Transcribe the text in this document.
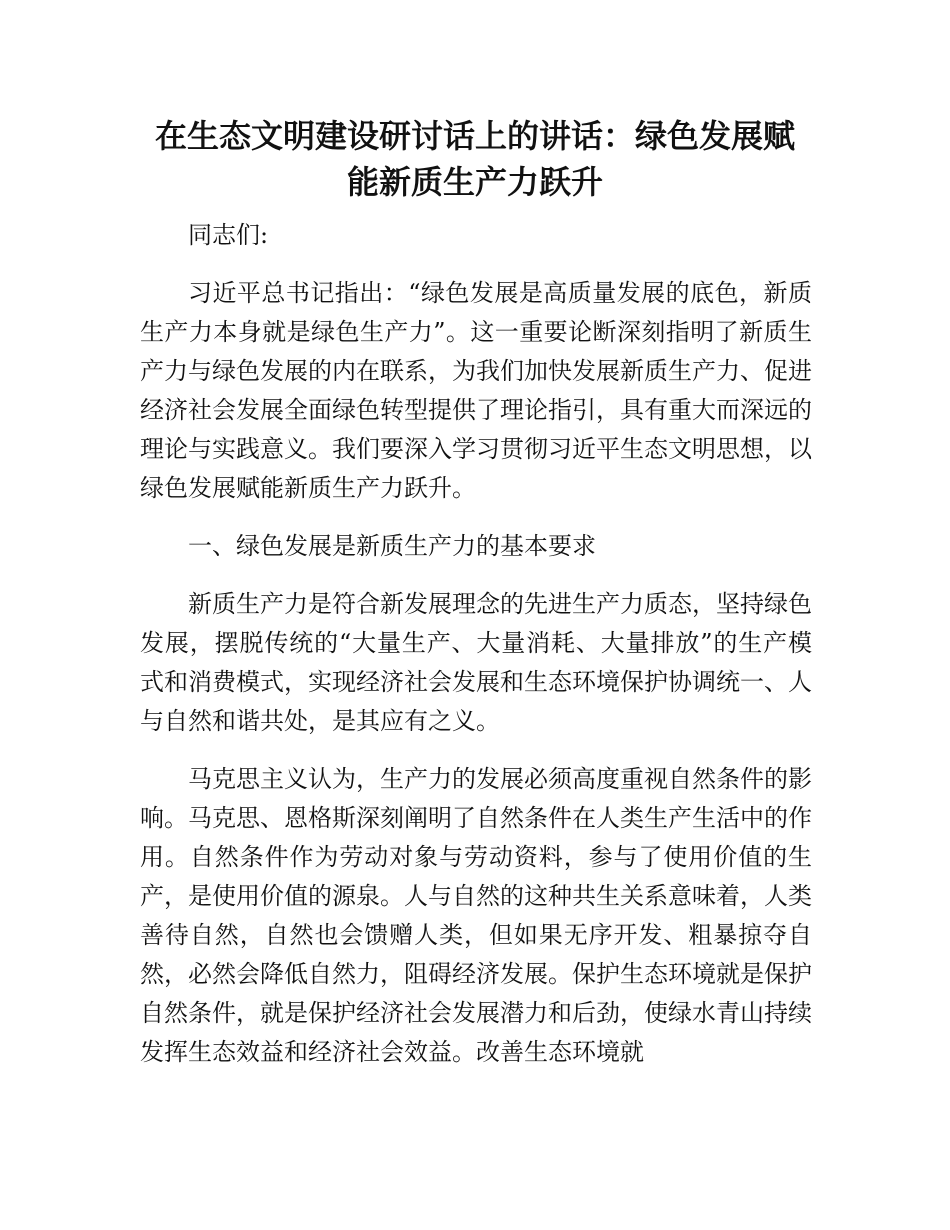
在生态文明建设研讨话上的讲话：绿色发展赋能新质生产力跃升

同志们:

习近平总书记指出：“绿色发展是高质量发展的底色，新质生产力本身就是绿色生产力”。这一重要论断深刻指明了新质生产力与绿色发展的内在联系，为我们加快发展新质生产力、促进经济社会发展全面绿色转型提供了理论指引，具有重大而深远的理论与实践意义。我们要深入学习贯彻习近平生态文明思想，以绿色发展赋能新质生产力跃升。

一、绿色发展是新质生产力的基本要求

新质生产力是符合新发展理念的先进生产力质态，坚持绿色发展，摆脱传统的“大量生产、大量消耗、大量排放”的生产模式和消费模式，实现经济社会发展和生态环境保护协调统一、人与自然和谐共处，是其应有之义。

马克思主义认为，生产力的发展必须高度重视自然条件的影响。马克思、恩格斯深刻阐明了自然条件在人类生产生活中的作用。自然条件作为劳动对象与劳动资料，参与了使用价值的生产，是使用价值的源泉。人与自然的这种共生关系意味着，人类善待自然，自然也会馈赠人类，但如果无序开发、粗暴掠夺自然，必然会降低自然力，阻碍经济发展。保护生态环境就是保护自然条件，就是保护经济社会发展潜力和后劲，使绿水青山持续发挥生态效益和经济社会效益。改善生态环境就
